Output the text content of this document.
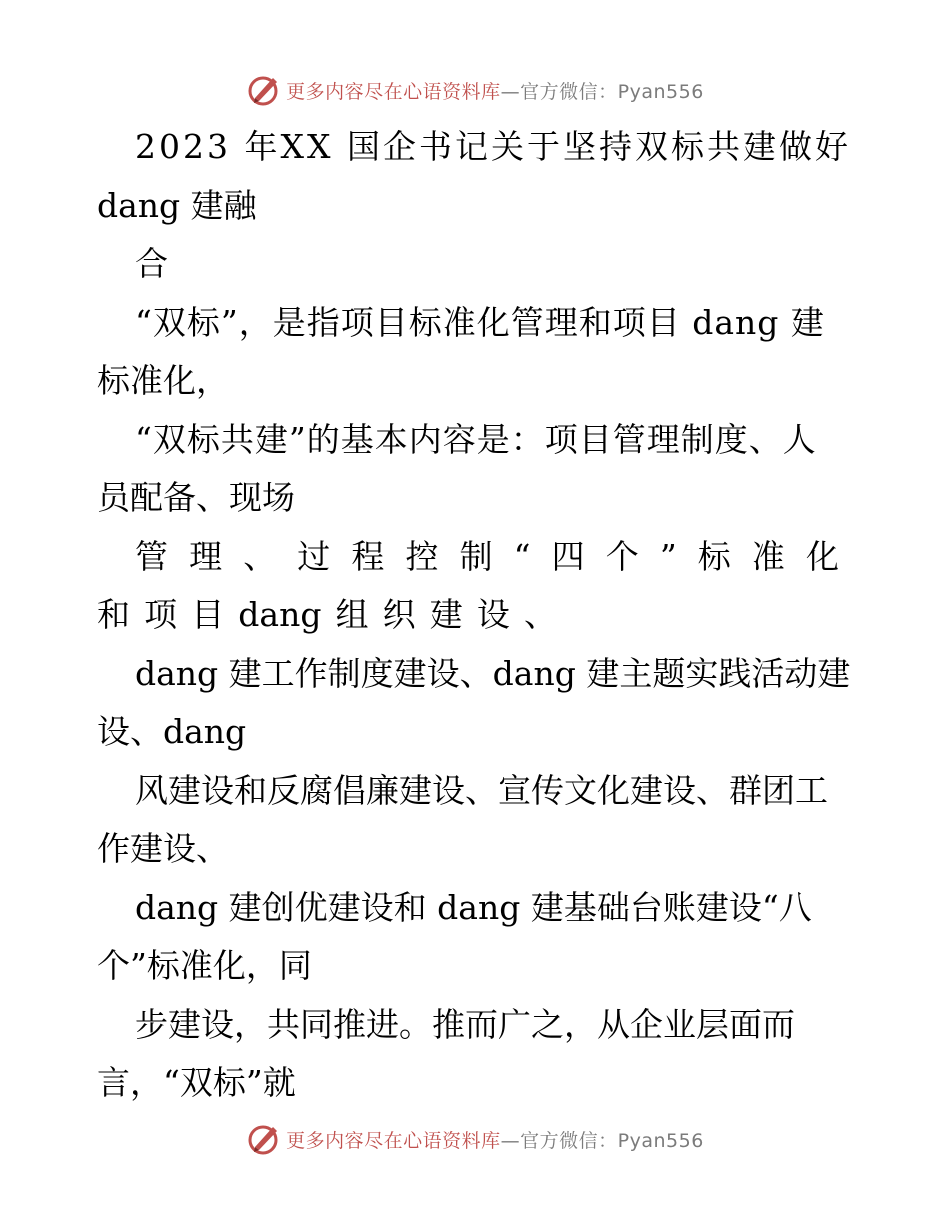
更多内容尽在心语资料库 —官方微信：Pyan556
2023 年XX 国企书记关于坚持双标共建做好
dang 建融
合
“双标”，是指项目标准化管理和项目 dang 建
标准化，
“双标共建”的基本内容是：项目管理制度、人
员配备、现场
管 理 、 过 程 控 制 “ 四 个 ” 标 准 化
和 项 目 dang 组 织 建 设 、
dang 建工作制度建设、dang 建主题实践活动建
设、dang
风建设和反腐倡廉建设、宣传文化建设、群团工
作建设、
dang 建创优建设和 dang 建基础台账建设“八
个”标准化，同
步建设，共同推进。推而广之，从企业层面而
言，“双标”就
更多内容尽在心语资料库 —官方微信：Pyan556
